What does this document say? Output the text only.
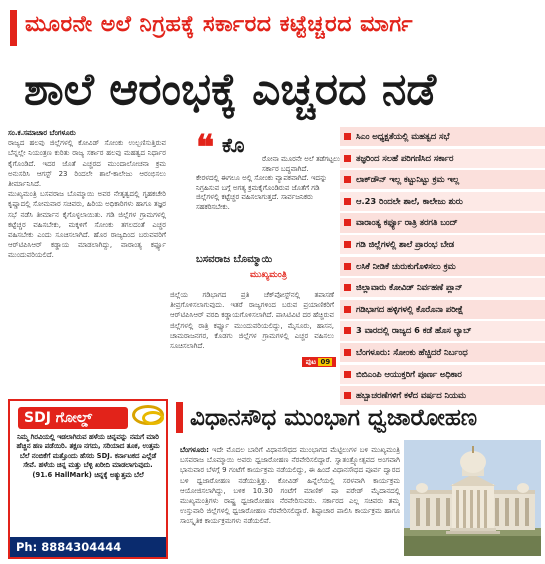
ಮೂರನೇ ಅಲೆ ನಿಗ್ರಹಕ್ಕೆ ಸರ್ಕಾರದ ಕಟ್ಟೆಚ್ಚರದ ಮಾರ್ಗ
ಶಾಲೆ ಆರಂಭಕ್ಕೆ ಎಚ್ಚರದ ನಡೆ
ಸಂ.ಕ.ಸಮಾಚಾರ ಬೆಂಗಳೂರು
ರಾಜ್ಯದ ಹಲವು ಜಿಲ್ಲೆಗಳಲ್ಲಿ ಕೋವಿಡ್ ಸೋಂಕು ಉಲ್ಬಣಿಸುತ್ತಿರುವ ಬೆನ್ನಲ್ಲೇ ನಿಯಂತ್ರಣ ಕುರಿತು ರಾಜ್ಯ ಸರ್ಕಾರ ಹಲವು ಮಹತ್ವದ ನಿರ್ಧಾರ ಕೈಗೊಂಡಿದೆ. ಇದರ ಜೊತೆ ಎಚ್ಚರದ ಮುಂದಾಲೋಚನಾ ಕ್ರಮ ಅನುಸರಿಸಿ ಆಗಸ್ಟ್ 23 ರಿಂದಲೇ ಶಾಲೆ-ಕಾಲೇಜು ಆರಂಭಿಸಲು ತೀರ್ಮಾನಿಸಿದೆ.
ಮುಖ್ಯಮಂತ್ರಿ ಬಸವರಾಜ ಬೊಮ್ಮಾಯಿ ಅವರ ನೇತೃತ್ವದಲ್ಲಿ ಗೃಹಕಚೇರಿ ಕೃಷ್ಣಾದಲ್ಲಿ ಸೋಮವಾರ ಸಚಿವರು, ಹಿರಿಯ ಅಧಿಕಾರಿಗಳು ಹಾಗೂ ತಜ್ಞರ ಸಭೆ ನಡೆಸಿ ತೀರ್ಮಾನ ಕೈಗೊಳ್ಳಲಾಯಿತು. ಗಡಿ ಜಿಲ್ಲೆಗಳ ಗ್ರಾಮಗಳಲ್ಲಿ ಕಟ್ಟೆಚ್ಚರ ವಹಿಸಬೇಕು, ಮಕ್ಕಳಿಗೆ ಸೋಂಕು ತಗಲದಂತೆ ಎಚ್ಚರ ವಹಿಸಬೇಕು ಎಂದು ಸೂಚಿಸಲಾಗಿದೆ. ಹೊರ ರಾಜ್ಯದಿಂದ ಬರುವವರಿಗೆ ಆರ್‌ಟಿಪಿಸಿಆರ್ ಕಡ್ಡಾಯ ಮಾಡಲಾಗಿದ್ದು, ವಾರಾಂತ್ಯ ಕರ್ಫ್ಯೂ ಮುಂದುವರಿಯಲಿದೆ.
❝ ಕೊ
ರೋನಾ ಮೂರನೇ ಅಲೆ ತಡೆಗಟ್ಟಲು ಸರ್ಕಾರ ಬದ್ಧವಾಗಿದೆ.
ಕೇರಳದಲ್ಲಿ ಈಗಲೂ ಅಲ್ಲಿ ಸೋಂಕು ವ್ಯಾಪಕವಾಗಿದೆ. ಇದನ್ನು ನಿಗ್ರಹಿಸುವ ಬಗ್ಗೆ ಅಗತ್ಯ ಕ್ರಮಕೈಗೊಂಡಿರುವ ಜೊತೆಗೆ ಗಡಿ ಜಿಲ್ಲೆಗಳಲ್ಲಿ ಕಟ್ಟೆಚ್ಚರ ವಹಿಸಲಾಗುತ್ತದೆ. ಸಾರ್ವಜನಿಕರು ಸಹಕರಿಸಬೇಕು.
ಬಸವರಾಜ ಬೊಮ್ಮಾಯಿ
ಮುಖ್ಯಮಂತ್ರಿ
ಜಿಲ್ಲೆಯ ಗಡಿಭಾಗದ ಪ್ರತಿ ಚೆಕ್‌ಪೋಸ್ಟ್‌ನಲ್ಲಿ ತಪಾಸಣೆ ತೀವ್ರಗೊಳಿಸಲಾಗುವುದು. ಇತರೆ ರಾಜ್ಯಗಳಿಂದ ಬರುವ ಪ್ರಯಾಣಿಕರಿಗೆ ಆರ್‌ಟಿಪಿಸಿಆರ್ ವರದಿ ಕಡ್ಡಾಯಗೊಳಿಸಲಾಗಿದೆ. ಪಾಸಿಟಿವಿಟಿ ದರ ಹೆಚ್ಚಿರುವ ಜಿಲ್ಲೆಗಳಲ್ಲಿ ರಾತ್ರಿ ಕರ್ಫ್ಯೂ ಮುಂದುವರಿಯಲಿದ್ದು, ಮೈಸೂರು, ಹಾಸನ, ಚಾಮರಾಜನಗರ, ಕೊಡಗು ಜಿಲ್ಲೆಗಳ ಗ್ರಾಮಗಳಲ್ಲಿ ಎಚ್ಚರ ವಹಿಸಲು ಸೂಚಿಸಲಾಗಿದೆ.
ಪುಟ 09
ಸಿಎಂ ಅಧ್ಯಕ್ಷತೆಯಲ್ಲಿ ಮಹತ್ವದ ಸಭೆ
ತಜ್ಞರಿಂದ ಸಲಹೆ ಪರಿಗಣಿಸಿದ ಸರ್ಕಾರ
ಲಾಕ್‌ಡೌನ್ ಇಲ್ಲ ಕಟ್ಟುನಿಟ್ಟು ಕ್ರಮ ಇಲ್ಲ
ಆ.23 ರಿಂದಲೇ ಶಾಲೆ, ಕಾಲೇಜು ಶುರು
ವಾರಾಂತ್ಯ ಕರ್ಫ್ಯೂ ರಾತ್ರಿ ತರಗತಿ ಬಂದ್
ಗಡಿ ಜಿಲ್ಲೆಗಳಲ್ಲಿ ಶಾಲೆ ಪ್ರಾರಂಭ ಬೇಡ
ಲಸಿಕೆ ನೀಡಿಕೆ ಚುರುಕುಗೊಳಿಸಲು ಕ್ರಮ
ಜಿಲ್ಲಾವಾರು ಕೋವಿಡ್ ನಿರ್ವಹಣೆ ಪ್ಲಾನ್
ಗಡಿಭಾಗದ ಹಳ್ಳಿಗಳಲ್ಲಿ ಕೊರೊನಾ ಪರೀಕ್ಷೆ
3 ವಾರದಲ್ಲಿ ರಾಜ್ಯದ 6 ಕಡೆ ಹೊಸ ಲ್ಯಾಬ್
ಬೆಂಗಳೂರು: ಸೋಂಕು ಹೆಚ್ಚಿದರೆ ನಿರ್ಬಂಧ
ಬಿಬಿಎಂಪಿ ಆಯುಕ್ತರಿಗೆ ಪೂರ್ಣ ಅಧಿಕಾರ
ಹಬ್ಬಾಚರಣೆಗಳಿಗೆ ಕಳೆದ ವರ್ಷದ ನಿಯಮ
SDJ ಗೋಲ್ಡ್
ನಿಮ್ಮ ಗಿರವಿಯಲ್ಲಿ ಇಡಲಾಗಿರುವ ಹಳೆಯ ಚಿನ್ನವನ್ನು ನಮಗೆ ಮಾರಿ ಹೆಚ್ಚಿನ ಹಣ ಪಡೆಯಿರಿ. ತಕ್ಷಣ ನಗದು, ಸರಿಯಾದ ತೂಕ, ಉತ್ತಮ ಬೆಲೆ ನಂಬಿಕೆಗೆ ಮತ್ತೊಂದು ಹೆಸರು SDJ. ಕರ್ನಾಟಕದ ಎಲ್ಲೆಡೆ ಸೇವೆ. ಹಳೆಯ ಚಿನ್ನ ಮತ್ತು ಬೆಳ್ಳಿ ಖರೀದಿ ಮಾಡಲಾಗುವುದು. (91.6 HallMark) ಚಿನ್ನಕ್ಕೆ ಅತ್ಯುತ್ತಮ ಬೆಲೆ
Ph: 8884304444
ವಿಧಾನಸೌಧ ಮುಂಭಾಗ ಧ್ವಜಾರೋಹಣ
ಬೆಂಗಳೂರು: ಇದೇ ಮೊದಲ ಬಾರಿಗೆ ವಿಧಾನಸೌಧದ ಮುಂಭಾಗದ ಮೆಟ್ಟಿಲುಗಳ ಬಳಿ ಮುಖ್ಯಮಂತ್ರಿ ಬಸವರಾಜ ಬೊಮ್ಮಾಯಿ ಅವರು ಧ್ವಜಾರೋಹಣ ನೆರವೇರಿಸಲಿದ್ದಾರೆ. ಸ್ವಾತಂತ್ರ್ಯೋತ್ಸವದ ಅಂಗವಾಗಿ ಭಾನುವಾರ ಬೆಳಗ್ಗೆ 9 ಗಂಟೆಗೆ ಕಾರ್ಯಕ್ರಮ ನಡೆಯಲಿದ್ದು, ಈ ಹಿಂದೆ ವಿಧಾನಸೌಧದ ಪೂರ್ವ ದ್ವಾರದ ಬಳಿ ಧ್ವಜಾರೋಹಣ ನಡೆಯುತ್ತಿತ್ತು. ಕೋವಿಡ್ ಹಿನ್ನೆಲೆಯಲ್ಲಿ ಸರಳವಾಗಿ ಕಾರ್ಯಕ್ರಮ ಆಯೋಜಿಸಲಾಗಿದ್ದು, ಬಳಿಕ 10.30 ಗಂಟೆಗೆ ಮಾಣಿಕ್ ಷಾ ಪರೇಡ್ ಮೈದಾನದಲ್ಲಿ ಮುಖ್ಯಮಂತ್ರಿಗಳು ರಾಷ್ಟ್ರ ಧ್ವಜಾರೋಹಣ ನೆರವೇರಿಸುವರು. ಸರ್ಕಾರದ ಎಲ್ಲ ಸಚಿವರು ತಮ್ಮ ಉಸ್ತುವಾರಿ ಜಿಲ್ಲೆಗಳಲ್ಲಿ ಧ್ವಜಾರೋಹಣ ನೆರವೇರಿಸಲಿದ್ದಾರೆ. ಶಿಷ್ಟಾಚಾರ ಪಾಲಿಸಿ ಕಾರ್ಯಕ್ರಮ ಹಾಗೂ ಸಾಂಸ್ಕೃತಿಕ ಕಾರ್ಯಕ್ರಮಗಳು ನಡೆಯಲಿವೆ.
